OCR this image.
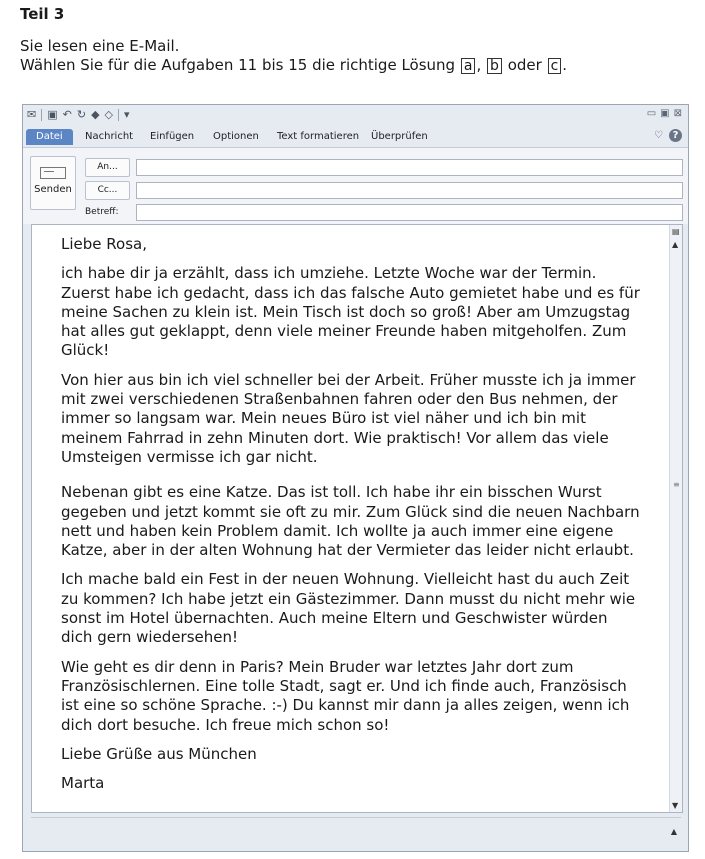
Teil 3
Sie lesen eine E-Mail.
Wählen Sie für die Aufgaben 11 bis 15 die richtige Lösung a , b oder c .
✉ ▣ ↶ ↻ ◆ ◇ ▾	▭ ▣ ⊠
Datei	Nachricht Einfügen Optionen Text formatieren Überprüfen	♡ ?
Senden
An...
Cc...
Betreff:

Liebe Rosa,

ich habe dir ja erzählt, dass ich umziehe. Letzte Woche war der Termin. Zuerst habe ich gedacht, dass ich das falsche Auto gemietet habe und es für meine Sachen zu klein ist. Mein Tisch ist doch so groß! Aber am Umzugstag hat alles gut geklappt, denn viele meiner Freunde haben mitgeholfen. Zum Glück!

Von hier aus bin ich viel schneller bei der Arbeit. Früher musste ich ja immer mit zwei verschiedenen Straßenbahnen fahren oder den Bus nehmen, der immer so langsam war. Mein neues Büro ist viel näher und ich bin mit meinem Fahrrad in zehn Minuten dort. Wie praktisch! Vor allem das viele Umsteigen vermisse ich gar nicht.

Nebenan gibt es eine Katze. Das ist toll. Ich habe ihr ein bisschen Wurst gegeben und jetzt kommt sie oft zu mir. Zum Glück sind die neuen Nachbarn nett und haben kein Problem damit. Ich wollte ja auch immer eine eigene Katze, aber in der alten Wohnung hat der Vermieter das leider nicht erlaubt.

Ich mache bald ein Fest in der neuen Wohnung. Vielleicht hast du auch Zeit zu kommen? Ich habe jetzt ein Gästezimmer. Dann musst du nicht mehr wie sonst im Hotel übernachten. Auch meine Eltern und Geschwister würden dich gern wiedersehen!

Wie geht es dir denn in Paris? Mein Bruder war letztes Jahr dort zum Französischlernen. Eine tolle Stadt, sagt er. Und ich finde auch, Französisch ist eine so schöne Sprache. :-) Du kannst mir dann ja alles zeigen, wenn ich dich dort besuche. Ich freue mich schon so!

Liebe Grüße aus München

Marta

▤
▲
≡
▼
▲
